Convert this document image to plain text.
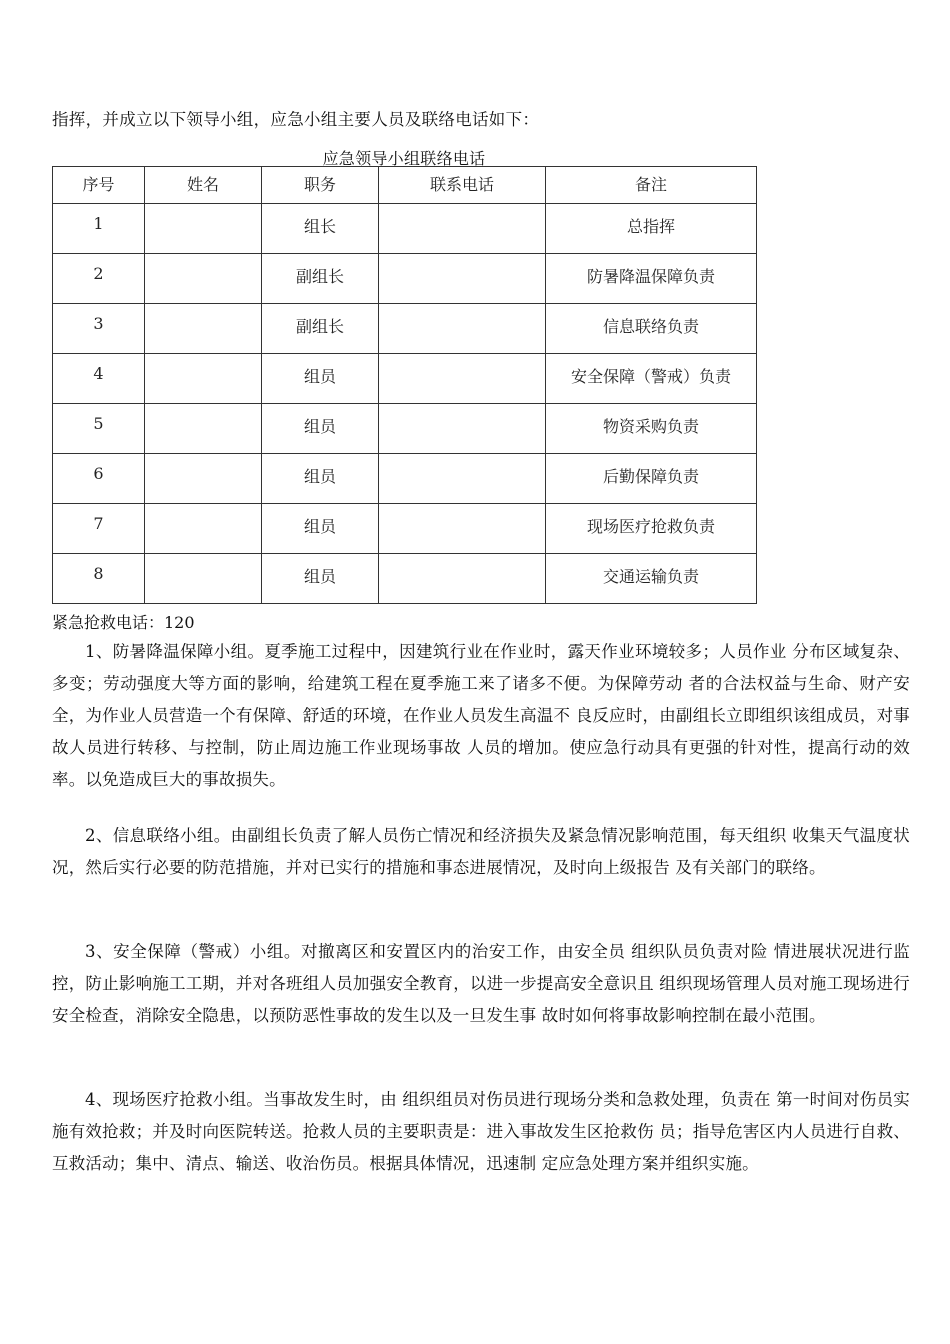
指挥，并成立以下领导小组，应急小组主要人员及联络电话如下：
应急领导小组联络电话
序号	姓名	职务	联系电话	备注
1		组长		总指挥
2		副组长		防暑降温保障负责
3		副组长		信息联络负责
4		组员		安全保障（警戒）负责
5		组员		物资采购负责
6		组员		后勤保障负责
7		组员		现场医疗抢救负责
8		组员		交通运输负责
紧急抢救电话：120

1、防暑降温保障小组。夏季施工过程中，因建筑行业在作业时，露天作业环境较多；人员作业 分布区域复杂、多变；劳动强度大等方面的影响，给建筑工程在夏季施工来了诸多不便。为保障劳动 者的合法权益与生命、财产安全，为作业人员营造一个有保障、舒适的环境，在作业人员发生高温不 良反应时，由副组长立即组织该组成员，对事故人员进行转移、与控制，防止周边施工作业现场事故 人员的增加。使应急行动具有更强的针对性，提高行动的效率。以免造成巨大的事故损失。

2、信息联络小组。由副组长负责了解人员伤亡情况和经济损失及紧急情况影响范围，每天组织 收集天气温度状况，然后实行必要的防范措施，并对已实行的措施和事态进展情况，及时向上级报告 及有关部门的联络。

3、安全保障（警戒）小组。对撤离区和安置区内的治安工作，由安全员 组织队员负责对险 情进展状况进行监控，防止影响施工工期，并对各班组人员加强安全教育，以进一步提高安全意识且 组织现场管理人员对施工现场进行安全检查，消除安全隐患，以预防恶性事故的发生以及一旦发生事 故时如何将事故影响控制在最小范围。

4、现场医疗抢救小组。当事故发生时，由 组织组员对伤员进行现场分类和急救处理，负责在 第一时间对伤员实施有效抢救；并及时向医院转送。抢救人员的主要职责是：进入事故发生区抢救伤 员；指导危害区内人员进行自救、互救活动；集中、清点、输送、收治伤员。根据具体情况，迅速制 定应急处理方案并组织实施。
